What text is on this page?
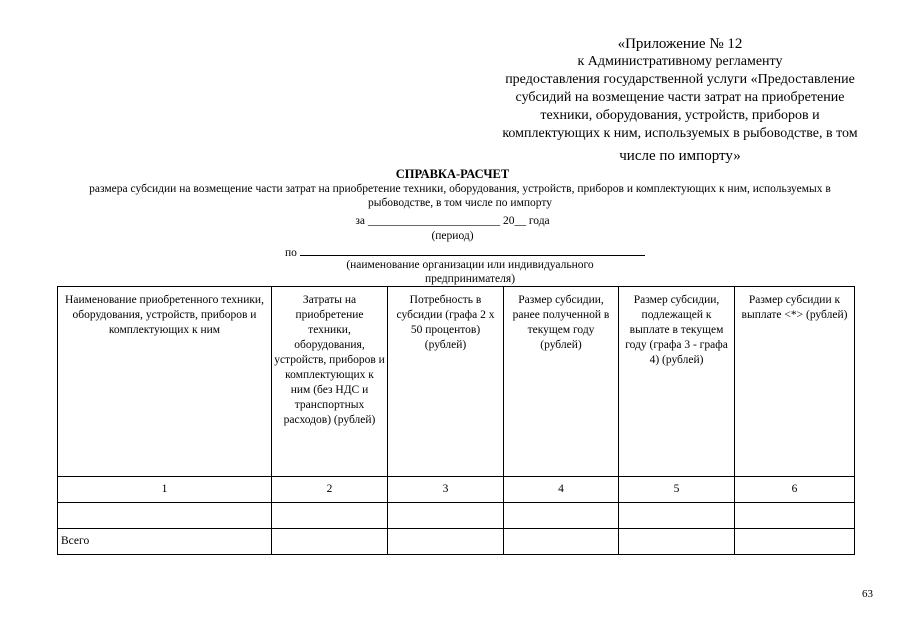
«Приложение № 12
к Административному регламенту
предоставления государственной услуги «Предоставление
субсидий на возмещение части затрат на приобретение
техники, оборудования, устройств, приборов и
комплектующих к ним, используемых в рыбоводстве, в том
числе по импорту»
СПРАВКА-РАСЧЕТ
размера субсидии на возмещение части затрат на приобретение техники, оборудования, устройств, приборов и комплектующих к ним, используемых в рыбоводстве, в том числе по импорту
за _______________________ 20__ года
(период)
по
(наименование организации или индивидуального предпринимателя)
Наименование приобретенного техники, оборудования, устройств, приборов и комплектующих к ним	Затраты на приобретение техники, оборудования, устройств, приборов и комплектующих к ним (без НДС и транспортных расходов) (рублей)	Потребность в субсидии (графа 2 х 50 процентов) (рублей)	Размер субсидии, ранее полученной в текущем году (рублей)	Размер субсидии, подлежащей к выплате в текущем году (графа 3 - графа 4) (рублей)	Размер субсидии к выплате <*> (рублей)
1	2	3	4	5	6

Всего					
63
